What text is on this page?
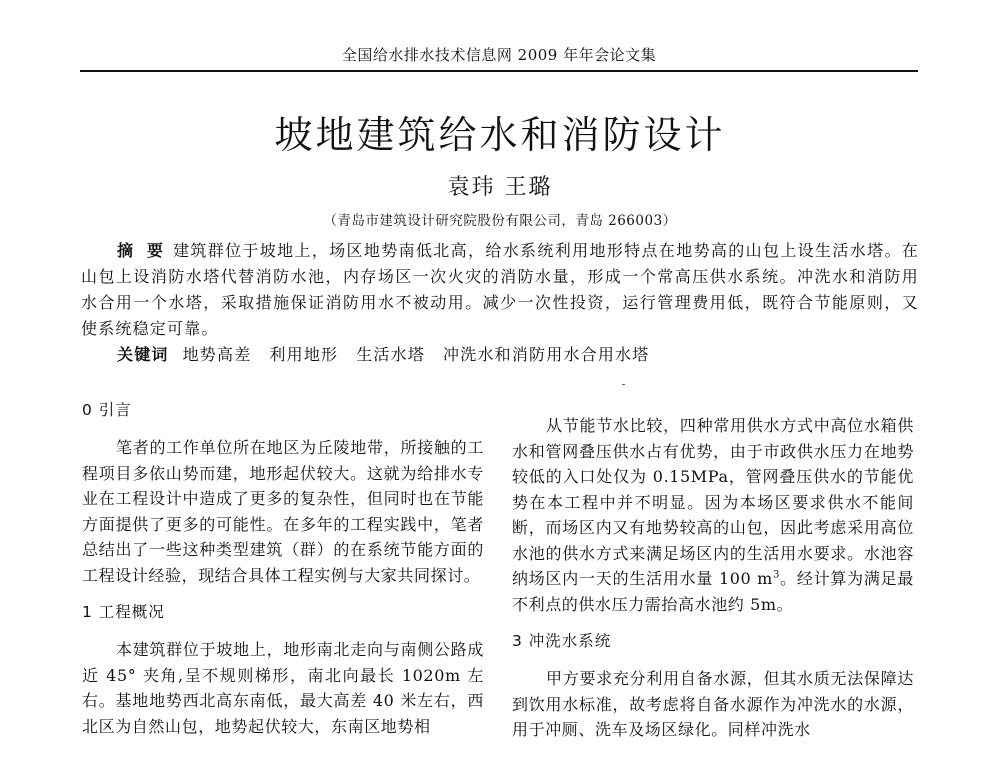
全国给水排水技术信息网 2009 年年会论文集
坡地建筑给水和消防设计
袁玮 王璐
（青岛市建筑设计研究院股份有限公司，青岛 266003）

摘 要 建筑群位于坡地上，场区地势南低北高，给水系统利用地形特点在地势高的山包上设生活水塔。在山包上设消防水塔代替消防水池，内存场区一次火灾的消防水量，形成一个常高压供水系统。冲洗水和消防用水合用一个水塔，采取措施保证消防用水不被动用。减少一次性投资，运行管理费用低，既符合节能原则，又使系统稳定可靠。

关键词 地势高差 利用地形 生活水塔 冲洗水和消防用水合用水塔

0 引言

笔者的工作单位所在地区为丘陵地带，所接触的工程项目多依山势而建，地形起伏较大。这就为给排水专业在工程设计中造成了更多的复杂性，但同时也在节能方面提供了更多的可能性。在多年的工程实践中，笔者总结出了一些这种类型建筑（群）的在系统节能方面的工程设计经验，现结合具体工程实例与大家共同探讨。

1 工程概况

本建筑群位于坡地上，地形南北走向与南侧公路成近 45° 夹角,呈不规则梯形，南北向最长 1020m 左右。基地地势西北高东南低，最大高差 40 米左右，西北区为自然山包，地势起伏较大，东南区地势相

从节能节水比较，四种常用供水方式中高位水箱供水和管网叠压供水占有优势，由于市政供水压力在地势较低的入口处仅为 0.15MPa，管网叠压供水的节能优势在本工程中并不明显。因为本场区要求供水不能间断，而场区内又有地势较高的山包，因此考虑采用高位水池的供水方式来满足场区内的生活用水要求。水池容纳场区内一天的生活用水量 100 $m^3$。经计算为满足最不利点的供水压力需抬高水池约 5m。

3 冲洗水系统

甲方要求充分利用自备水源，但其水质无法保障达到饮用水标准，故考虑将自备水源作为冲洗水的水源，用于冲厕、洗车及场区绿化。同样冲洗水
